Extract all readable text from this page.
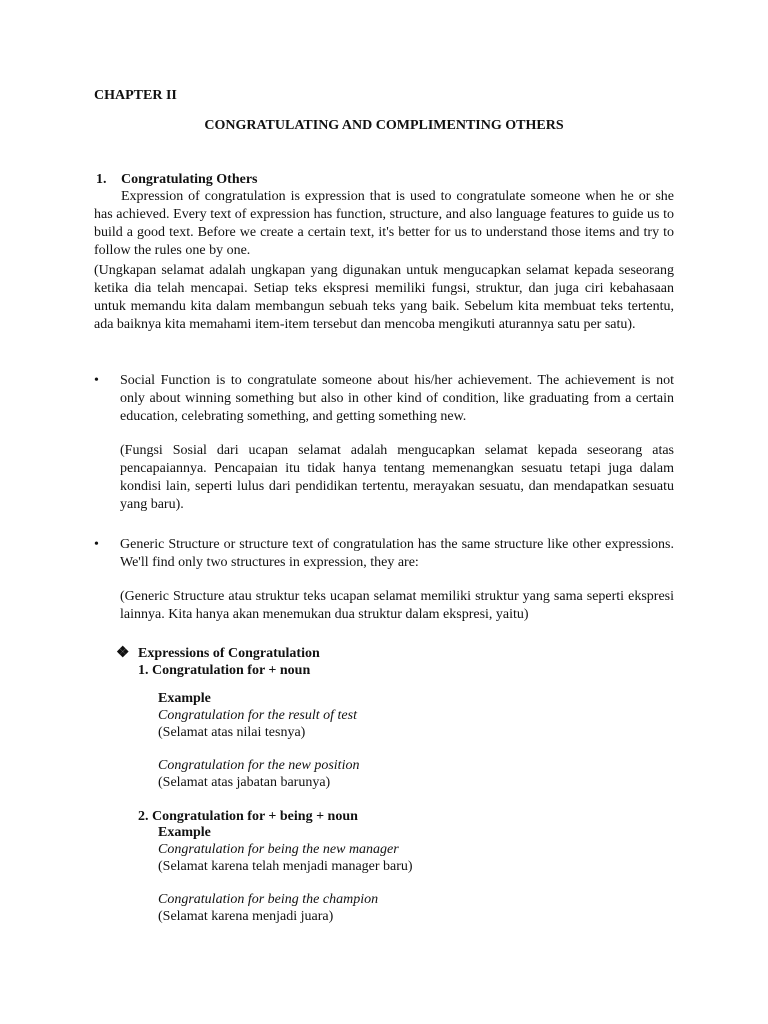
CHAPTER II
CONGRATULATING AND COMPLIMENTING OTHERS
1. Congratulating Others
Expression of congratulation is expression that is used to congratulate someone when he or she has achieved. Every text of expression has function, structure, and also language features to guide us to build a good text. Before we create a certain text, it's better for us to understand those items and try to follow the rules one by one.
(Ungkapan selamat adalah ungkapan yang digunakan untuk mengucapkan selamat kepada seseorang ketika dia telah mencapai. Setiap teks ekspresi memiliki fungsi, struktur, dan juga ciri kebahasaan untuk memandu kita dalam membangun sebuah teks yang baik. Sebelum kita membuat teks tertentu, ada baiknya kita memahami item-item tersebut dan mencoba mengikuti aturannya satu per satu).
•	Social Function is to congratulate someone about his/her achievement. The achievement is not only about winning something but also in other kind of condition, like graduating from a certain education, celebrating something, and getting something new.
(Fungsi Sosial dari ucapan selamat adalah mengucapkan selamat kepada seseorang atas pencapaiannya. Pencapaian itu tidak hanya tentang memenangkan sesuatu tetapi juga dalam kondisi lain, seperti lulus dari pendidikan tertentu, merayakan sesuatu, dan mendapatkan sesuatu yang baru).
•	Generic Structure or structure text of congratulation has the same structure like other expressions. We'll find only two structures in expression, they are:
(Generic Structure atau struktur teks ucapan selamat memiliki struktur yang sama seperti ekspresi lainnya. Kita hanya akan menemukan dua struktur dalam ekspresi, yaitu)
❖ Expressions of Congratulation
1. Congratulation for + noun
Example
Congratulation for the result of test
(Selamat atas nilai tesnya)
Congratulation for the new position
(Selamat atas jabatan barunya)
2. Congratulation for + being + noun
Example
Congratulation for being the new manager
(Selamat karena telah menjadi manager baru)
Congratulation for being the champion
(Selamat karena menjadi juara)
